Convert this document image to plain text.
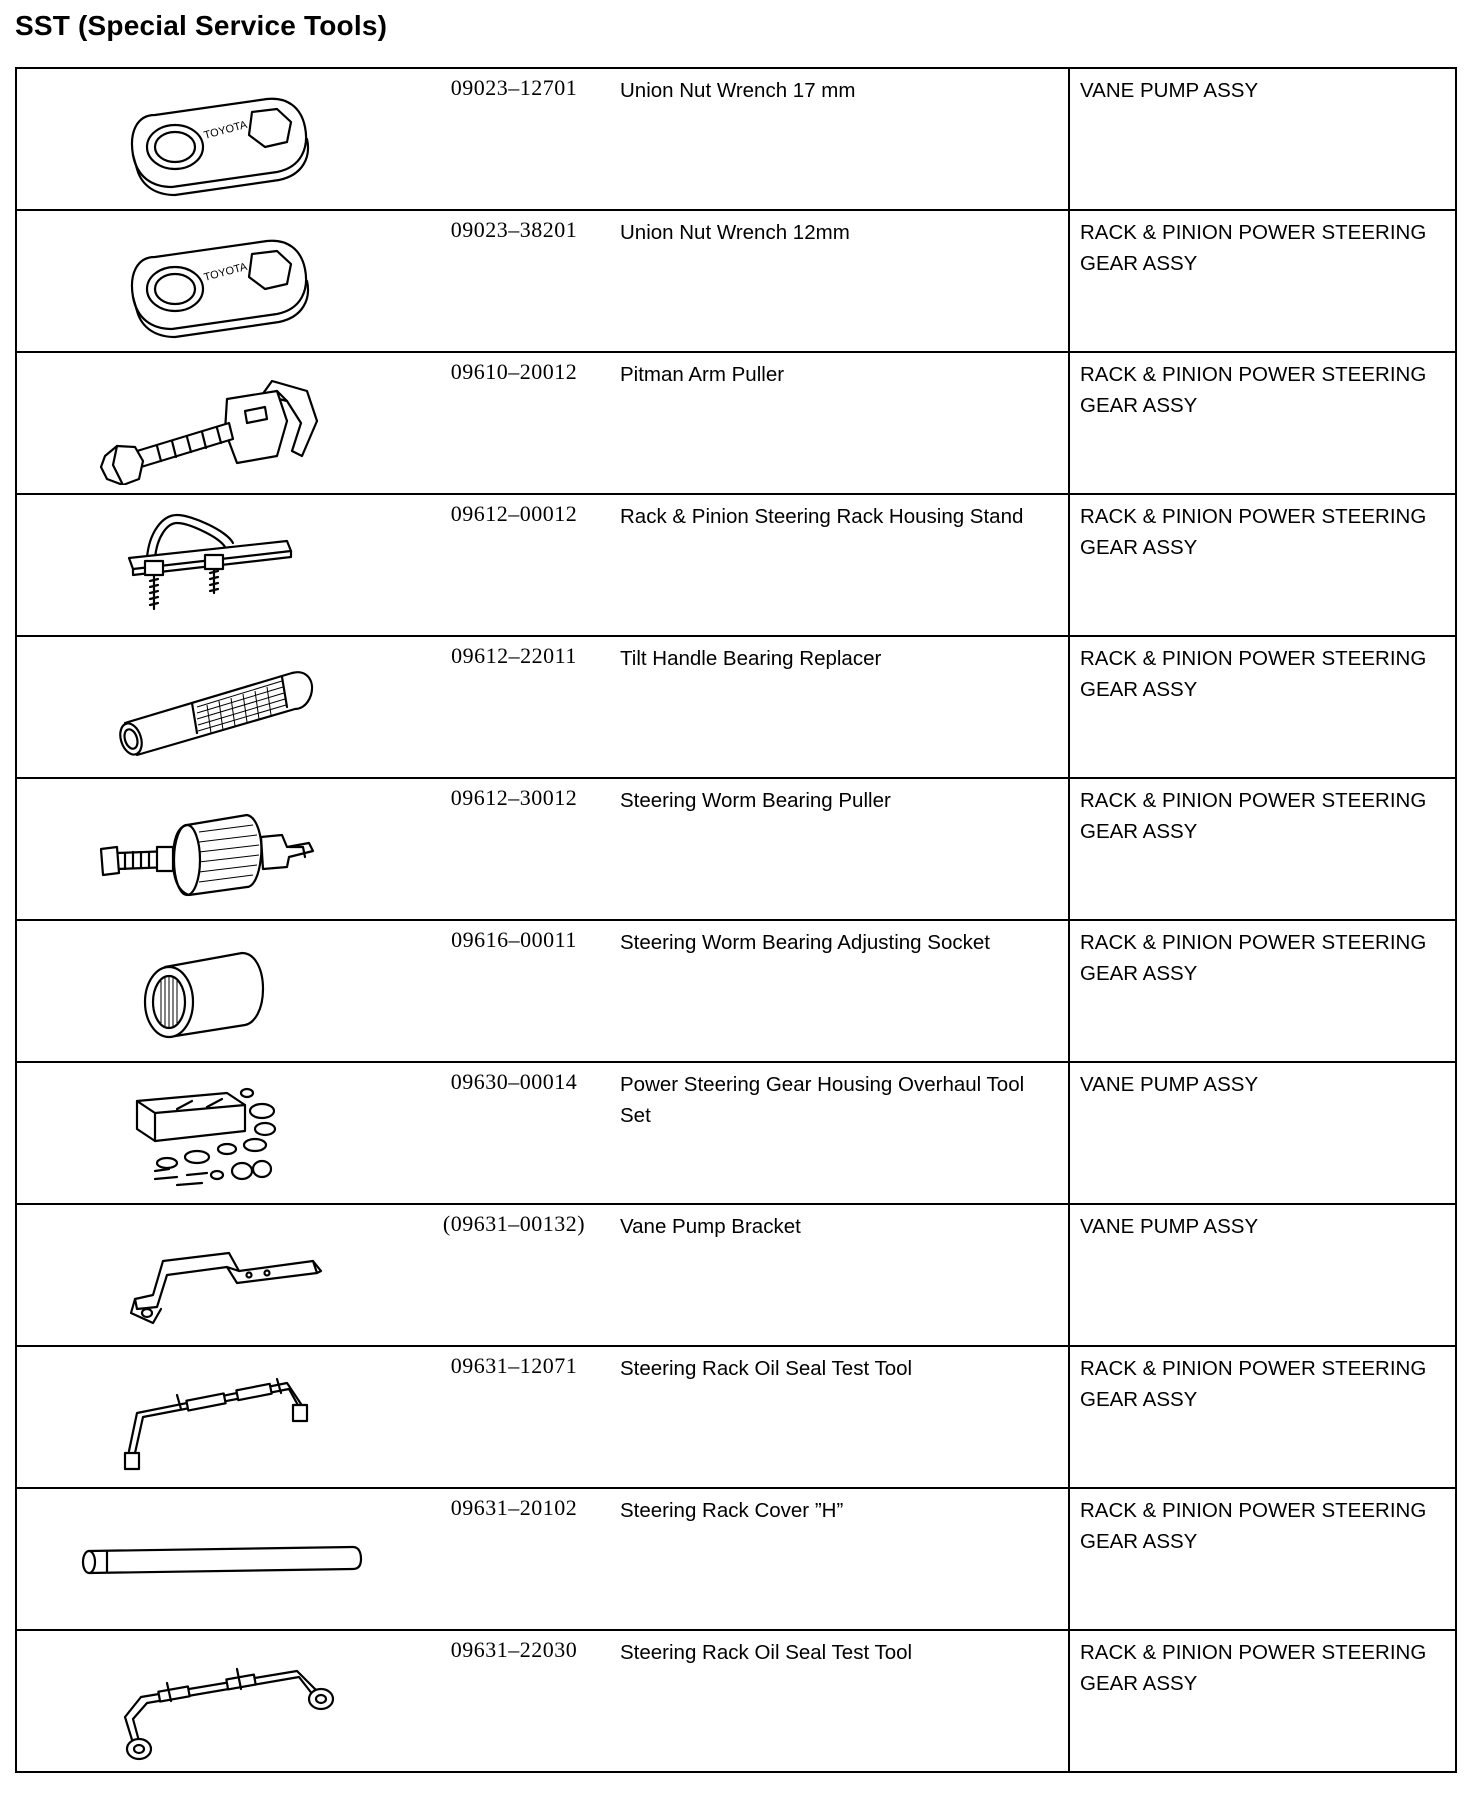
SST (Special Service Tools)
TOYOTA
09023–12701 Union Nut Wrench 17 mm	VANE PUMP ASSY

TOYOTA
09023–38201 Union Nut Wrench 12mm	RACK & PINION POWER STEERING GEAR ASSY

09610–20012 Pitman Arm Puller	RACK & PINION POWER STEERING GEAR ASSY

09612–00012 Rack & Pinion Steering Rack Housing Stand	RACK & PINION POWER STEERING GEAR ASSY

09612–22011 Tilt Handle Bearing Replacer	RACK & PINION POWER STEERING GEAR ASSY

09612–30012 Steering Worm Bearing Puller	RACK & PINION POWER STEERING GEAR ASSY

09616–00011 Steering Worm Bearing Adjusting Socket	RACK & PINION POWER STEERING GEAR ASSY

09630–00014 Power Steering Gear Housing Overhaul Tool Set	VANE PUMP ASSY

(09631–00132) Vane Pump Bracket	VANE PUMP ASSY

09631–12071 Steering Rack Oil Seal Test Tool	RACK & PINION POWER STEERING GEAR ASSY

09631–20102 Steering Rack Cover ”H”	RACK & PINION POWER STEERING GEAR ASSY

09631–22030 Steering Rack Oil Seal Test Tool	RACK & PINION POWER STEERING GEAR ASSY
